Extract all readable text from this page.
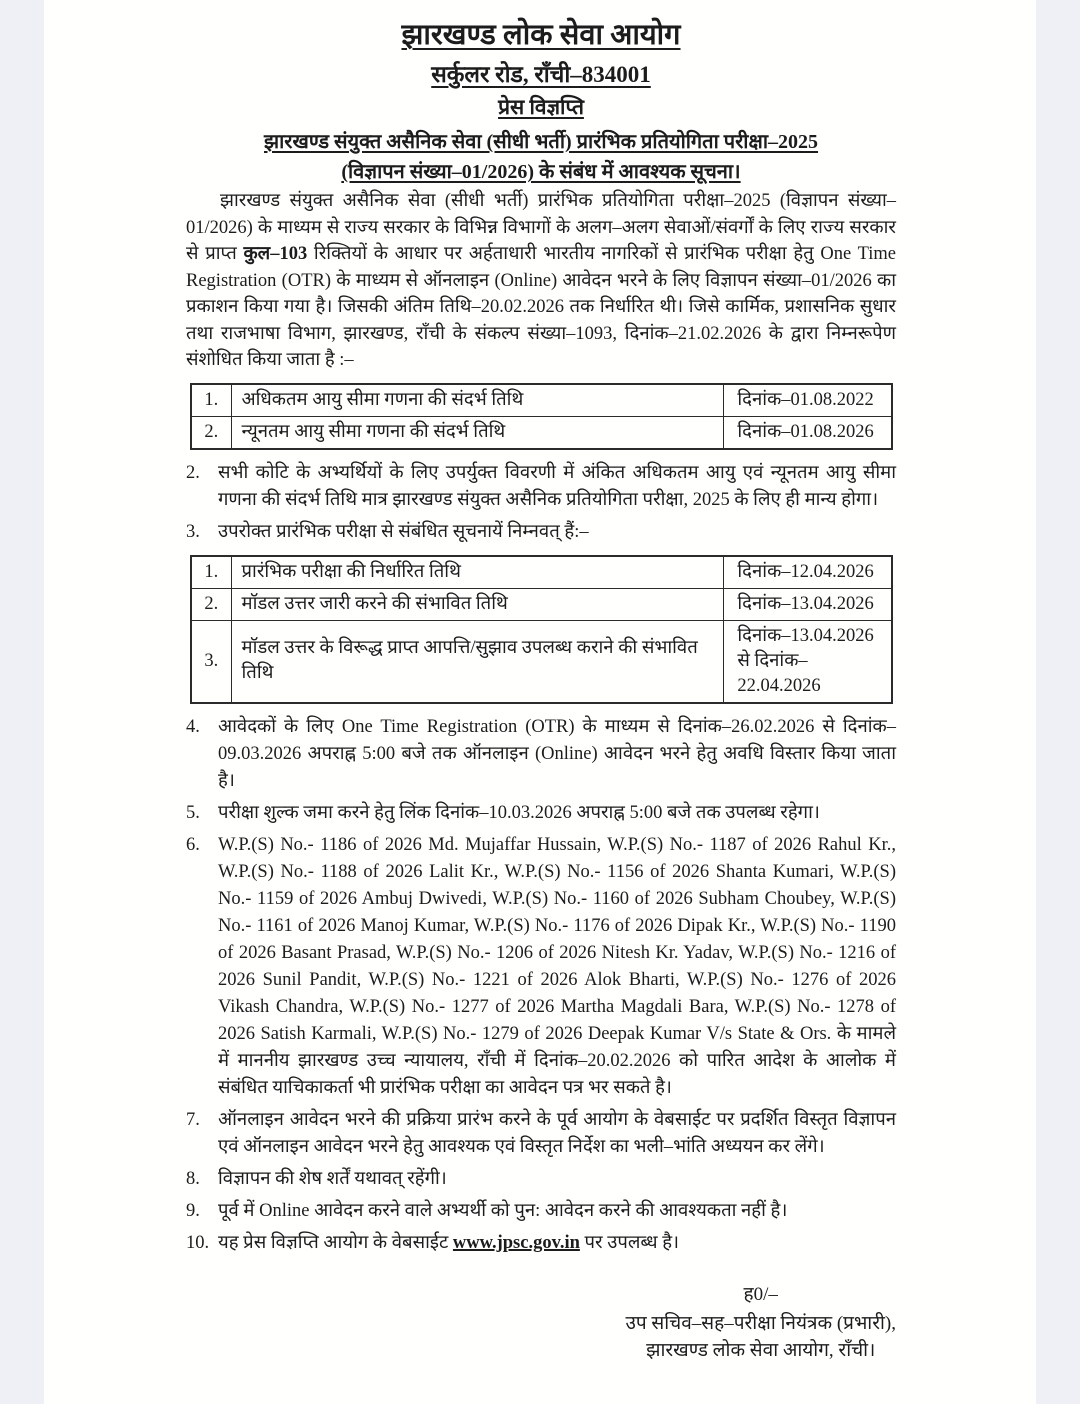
झारखण्ड लोक सेवा आयोग
सर्कुलर रोड, राँची–834001
प्रेस विज्ञप्ति
झारखण्ड संयुक्त असैनिक सेवा (सीधी भर्ती) प्रारंभिक प्रतियोगिता परीक्षा–2025
(विज्ञापन संख्या–01/2026) के संबंध में आवश्यक सूचना।

झारखण्ड संयुक्त असैनिक सेवा (सीधी भर्ती) प्रारंभिक प्रतियोगिता परीक्षा–2025 (विज्ञापन संख्या–01/2026) के माध्यम से राज्य सरकार के विभिन्न विभागों के अलग–अलग सेवाओं/संवर्गों के लिए राज्य सरकार से प्राप्त कुल–103 रिक्तियों के आधार पर अर्हताधारी भारतीय नागरिकों से प्रारंभिक परीक्षा हेतु One Time Registration (OTR) के माध्यम से ऑनलाइन (Online) आवेदन भरने के लिए विज्ञापन संख्या–01/2026 का प्रकाशन किया गया है। जिसकी अंतिम तिथि–20.02.2026 तक निर्धारित थी। जिसे कार्मिक, प्रशासनिक सुधार तथा राजभाषा विभाग, झारखण्ड, राँची के संकल्प संख्या–1093, दिनांक–21.02.2026 के द्वारा निम्नरूपेण संशोधित किया जाता है :–

1.	अधिकतम आयु सीमा गणना की संदर्भ तिथि	दिनांक–01.08.2022
2.	न्यूनतम आयु सीमा गणना की संदर्भ तिथि	दिनांक–01.08.2026
2. सभी कोटि के अभ्यर्थियों के लिए उपर्युक्त विवरणी में अंकित अधिकतम आयु एवं न्यूनतम आयु सीमा गणना की संदर्भ तिथि मात्र झारखण्ड संयुक्त असैनिक प्रतियोगिता परीक्षा, 2025 के लिए ही मान्य होगा।
3. उपरोक्त प्रारंभिक परीक्षा से संबंधित सूचनायें निम्नवत् हैं:–
1.	प्रारंभिक परीक्षा की निर्धारित तिथि	दिनांक–12.04.2026
2.	मॉडल उत्तर जारी करने की संभावित तिथि	दिनांक–13.04.2026
3.	मॉडल उत्तर के विरूद्ध प्राप्त आपत्ति/सुझाव उपलब्ध कराने की संभावित तिथि	दिनांक–13.04.2026 से दिनांक–22.04.2026
4. आवेदकों के लिए One Time Registration (OTR) के माध्यम से दिनांक–26.02.2026 से दिनांक–09.03.2026 अपराह्न 5:00 बजे तक ऑनलाइन (Online) आवेदन भरने हेतु अवधि विस्तार किया जाता है।
5. परीक्षा शुल्क जमा करने हेतु लिंक दिनांक–10.03.2026 अपराह्न 5:00 बजे तक उपलब्ध रहेगा।
6. W.P.(S) No.- 1186 of 2026 Md. Mujaffar Hussain, W.P.(S) No.- 1187 of 2026 Rahul Kr., W.P.(S) No.- 1188 of 2026 Lalit Kr., W.P.(S) No.- 1156 of 2026 Shanta Kumari, W.P.(S) No.- 1159 of 2026 Ambuj Dwivedi, W.P.(S) No.- 1160 of 2026 Subham Choubey, W.P.(S) No.- 1161 of 2026 Manoj Kumar, W.P.(S) No.- 1176 of 2026 Dipak Kr., W.P.(S) No.- 1190 of 2026 Basant Prasad, W.P.(S) No.- 1206 of 2026 Nitesh Kr. Yadav, W.P.(S) No.- 1216 of 2026 Sunil Pandit, W.P.(S) No.- 1221 of 2026 Alok Bharti, W.P.(S) No.- 1276 of 2026 Vikash Chandra, W.P.(S) No.- 1277 of 2026 Martha Magdali Bara, W.P.(S) No.- 1278 of 2026 Satish Karmali, W.P.(S) No.- 1279 of 2026 Deepak Kumar V/s State & Ors. के मामले में माननीय झारखण्ड उच्च न्यायालय, राँची में दिनांक–20.02.2026 को पारित आदेश के आलोक में संबंधित याचिकाकर्ता भी प्रारंभिक परीक्षा का आवेदन पत्र भर सकते है।
7. ऑनलाइन आवेदन भरने की प्रक्रिया प्रारंभ करने के पूर्व आयोग के वेबसाईट पर प्रदर्शित विस्तृत विज्ञापन एवं ऑनलाइन आवेदन भरने हेतु आवश्यक एवं विस्तृत निर्देश का भली–भांति अध्ययन कर लेंगे।
8. विज्ञापन की शेष शर्तें यथावत् रहेंगी।
9. पूर्व में Online आवेदन करने वाले अभ्यर्थी को पुन: आवेदन करने की आवश्यकता नहीं है।
10. यह प्रेस विज्ञप्ति आयोग के वेबसाईट www.jpsc.gov.in पर उपलब्ध है।
ह0/–
उप सचिव–सह–परीक्षा नियंत्रक (प्रभारी),
झारखण्ड लोक सेवा आयोग, राँची।
